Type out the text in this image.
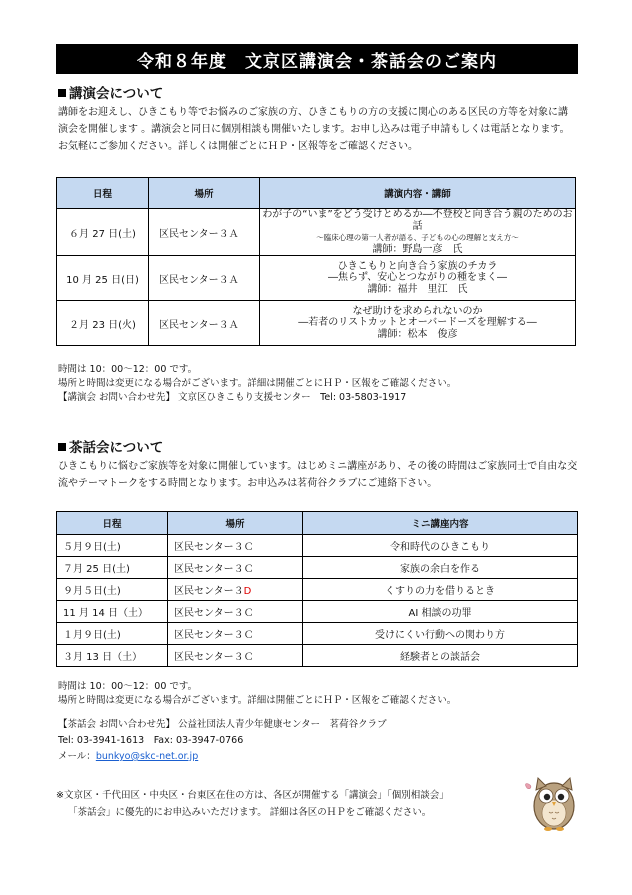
令和８年度　文京区講演会・茶話会のご案内
講演会について
講師をお迎えし、ひきこもり等でお悩みのご家族の方、ひきこもりの方の支援に関心のある区民の方等を対象に講
演会を開催します 。講演会と同日に個別相談も開催いたします。お申し込みは電子申請もしくは電話となります。
お気軽にご参加ください。詳しくは開催ごとにＨＰ・区報等をご確認ください。
日程	場所	講演内容・講師
６月 27 日(土)	区民センター３Ａ	わが子の“いま”をどう受けとめるか―不登校と向き合う親のためのお話
～臨床心理の第一人者が語る、子どもの心の理解と支え方～
講師：野島一彦　氏

10 月 25 日(日)	区民センター３Ａ	ひきこもりと向き合う家族のチカラ
―焦らず、安心とつながりの種をまく―
講師：福井　里江　氏

２月 23 日(火)	区民センター３Ａ	なぜ助けを求められないのか
―若者のリストカットとオーバードーズを理解する―
講師：松本　俊彦
時間は 10：00～12：00 です。
場所と時間は変更になる場合がございます。詳細は開催ごとにＨＰ・区報をご確認ください。
【講演会 お問い合わせ先】 文京区ひきこもり支援センター　Tel: 03-5803-1917
茶話会について
ひきこもりに悩むご家族等を対象に開催しています。はじめミニ講座があり、その後の時間はご家族同士で自由な交
流やテーマトークをする時間となります。お申込みは茗荷谷クラブにご連絡下さい。
日程	場所	ミニ講座内容
５月９日(土)	区民センター３Ｃ	令和時代のひきこもり
７月 25 日(土)	区民センター３Ｃ	家族の余白を作る
９月５日(土)	区民センター３D	くすりの力を借りるとき
11 月 14 日（土）	区民センター３Ｃ	AI 相談の功罪
１月９日(土)	区民センター３Ｃ	受けにくい行動への関わり方
３月 13 日（土）	区民センター３Ｃ	経験者との談話会
時間は 10：00～12：00 です。
場所と時間は変更になる場合がございます。詳細は開催ごとにＨＰ・区報をご確認ください。
【茶話会 お問い合わせ先】 公益社団法人青少年健康センター　茗荷谷クラブ
Tel: 03-3941-1613　Fax: 03-3947-0766
メール：bunkyo@skc-net.or.jp
※文京区・千代田区・中央区・台東区在住の方は、各区が開催する「講演会」「個別相談会」
「茶話会」に優先的にお申込みいただけます。 詳細は各区のＨＰをご確認ください。
